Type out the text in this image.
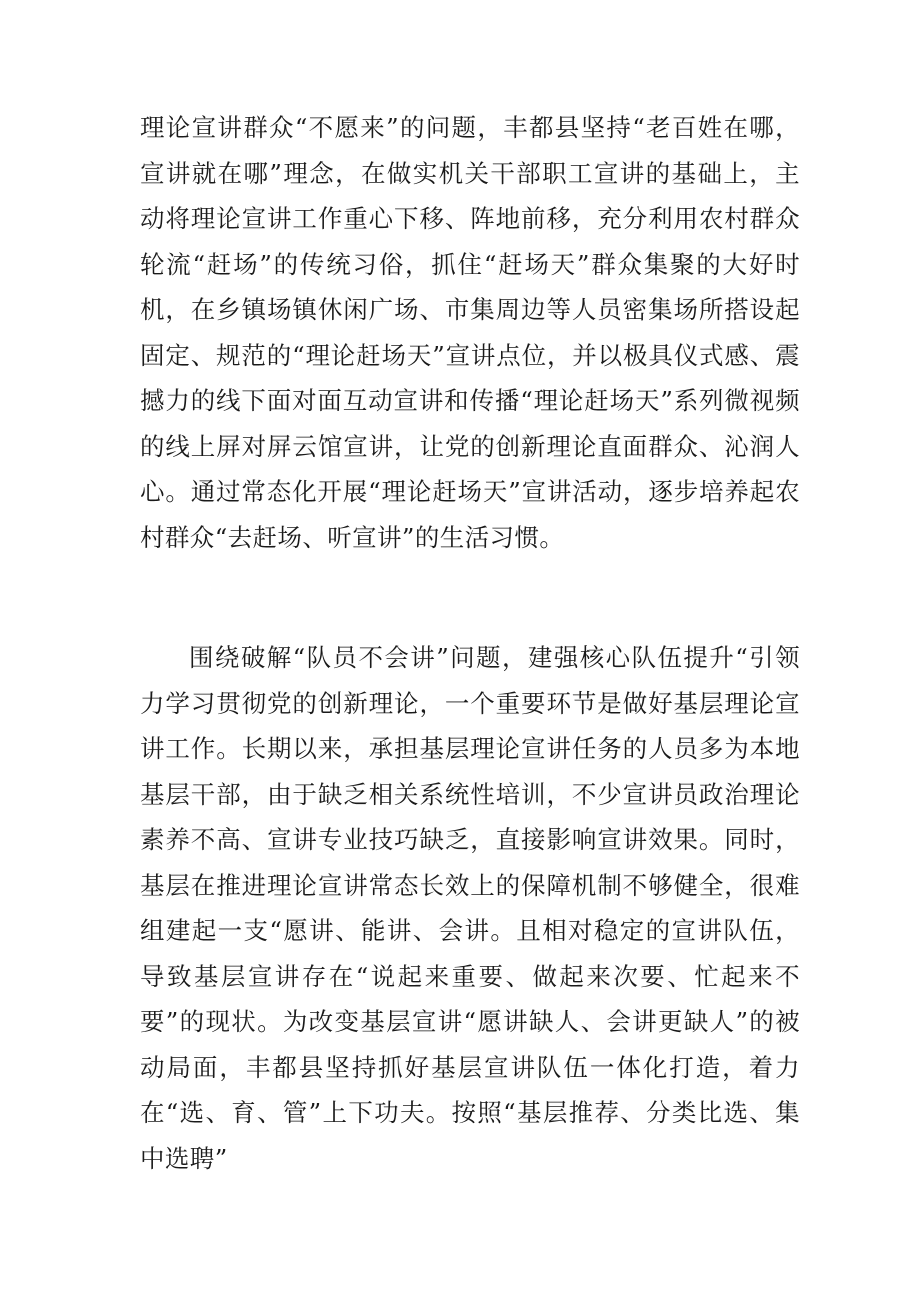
理论宣讲群众“不愿来”的问题，丰都县坚持“老百姓在哪，宣讲就在哪”理念，在做实机关干部职工宣讲的基础上，主动将理论宣讲工作重心下移、阵地前移，充分利用农村群众轮流“赶场”的传统习俗，抓住“赶场天”群众集聚的大好时机，在乡镇场镇休闲广场、市集周边等人员密集场所搭设起固定、规范的“理论赶场天”宣讲点位，并以极具仪式感、震撼力的线下面对面互动宣讲和传播“理论赶场天”系列微视频的线上屏对屏云馆宣讲，让党的创新理论直面群众、沁润人心。通过常态化开展“理论赶场天”宣讲活动，逐步培养起农村群众“去赶场、听宣讲”的生活习惯。

围绕破解“队员不会讲”问题，建强核心队伍提升“引领力学习贯彻党的创新理论，一个重要环节是做好基层理论宣讲工作。长期以来，承担基层理论宣讲任务的人员多为本地基层干部，由于缺乏相关系统性培训，不少宣讲员政治理论素养不高、宣讲专业技巧缺乏，直接影响宣讲效果。同时，基层在推进理论宣讲常态长效上的保障机制不够健全，很难组建起一支“愿讲、能讲、会讲。且相对稳定的宣讲队伍，导致基层宣讲存在“说起来重要、做起来次要、忙起来不要”的现状。为改变基层宣讲“愿讲缺人、会讲更缺人”的被动局面，丰都县坚持抓好基层宣讲队伍一体化打造，着力在“选、育、管”上下功夫。按照“基层推荐、分类比选、集中选聘”
